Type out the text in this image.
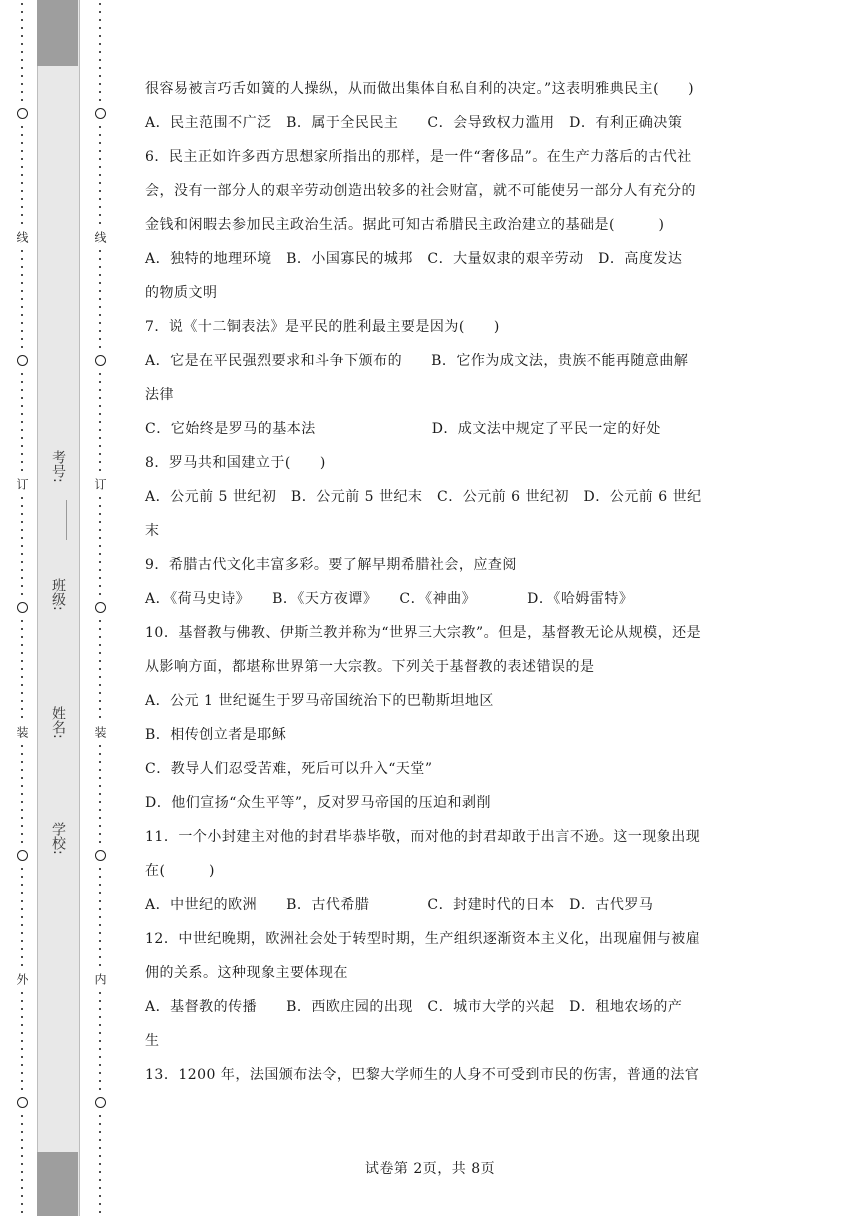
线
订
装
外
线
订
装
内
考号:
班级:
姓名:
学校:
很容易被言巧舌如簧的人操纵，从而做出集体自私自利的决定。”这表明雅典民主(　　)
A．民主范围不广泛　B．属于全民民主　　C．会导致权力滥用　D．有利正确决策
6．民主正如许多西方思想家所指出的那样，是一件“奢侈品”。在生产力落后的古代社
会，没有一部分人的艰辛劳动创造出较多的社会财富，就不可能使另一部分人有充分的
金钱和闲暇去参加民主政治生活。据此可知古希腊民主政治建立的基础是(　　　)
A．独特的地理环境　B．小国寡民的城邦　C．大量奴隶的艰辛劳动　D．高度发达
的物质文明
7．说《十二铜表法》是平民的胜利最主要是因为(　　)
A．它是在平民强烈要求和斗争下颁布的　　B．它作为成文法，贵族不能再随意曲解
法律
C．它始终是罗马的基本法　　　　　　　　D．成文法中规定了平民一定的好处
8．罗马共和国建立于(　　)
A．公元前 5 世纪初　B．公元前 5 世纪末　C．公元前 6 世纪初　D．公元前 6 世纪
末
9．希腊古代文化丰富多彩。要了解早期希腊社会，应查阅
A．《荷马史诗》　　B．《天方夜谭》　　C．《神曲》　　　　D．《哈姆雷特》
10．基督教与佛教、伊斯兰教并称为“世界三大宗教”。但是，基督教无论从规模，还是
从影响方面，都堪称世界第一大宗教。下列关于基督教的表述错误的是
A．公元 1 世纪诞生于罗马帝国统治下的巴勒斯坦地区
B．相传创立者是耶稣
C．教导人们忍受苦难，死后可以升入“天堂”
D．他们宣扬“众生平等”，反对罗马帝国的压迫和剥削
11．一个小封建主对他的封君毕恭毕敬，而对他的封君却敢于出言不逊。这一现象出现
在(　　　)
A．中世纪的欧洲　　B．古代希腊　　　　C．封建时代的日本　D．古代罗马
12．中世纪晚期，欧洲社会处于转型时期，生产组织逐渐资本主义化，出现雇佣与被雇
佣的关系。这种现象主要体现在
A．基督教的传播　　B．西欧庄园的出现　C．城市大学的兴起　D．租地农场的产
生
13．1200 年，法国颁布法令，巴黎大学师生的人身不可受到市民的伤害，普通的法官
试卷第 2页，共 8页
